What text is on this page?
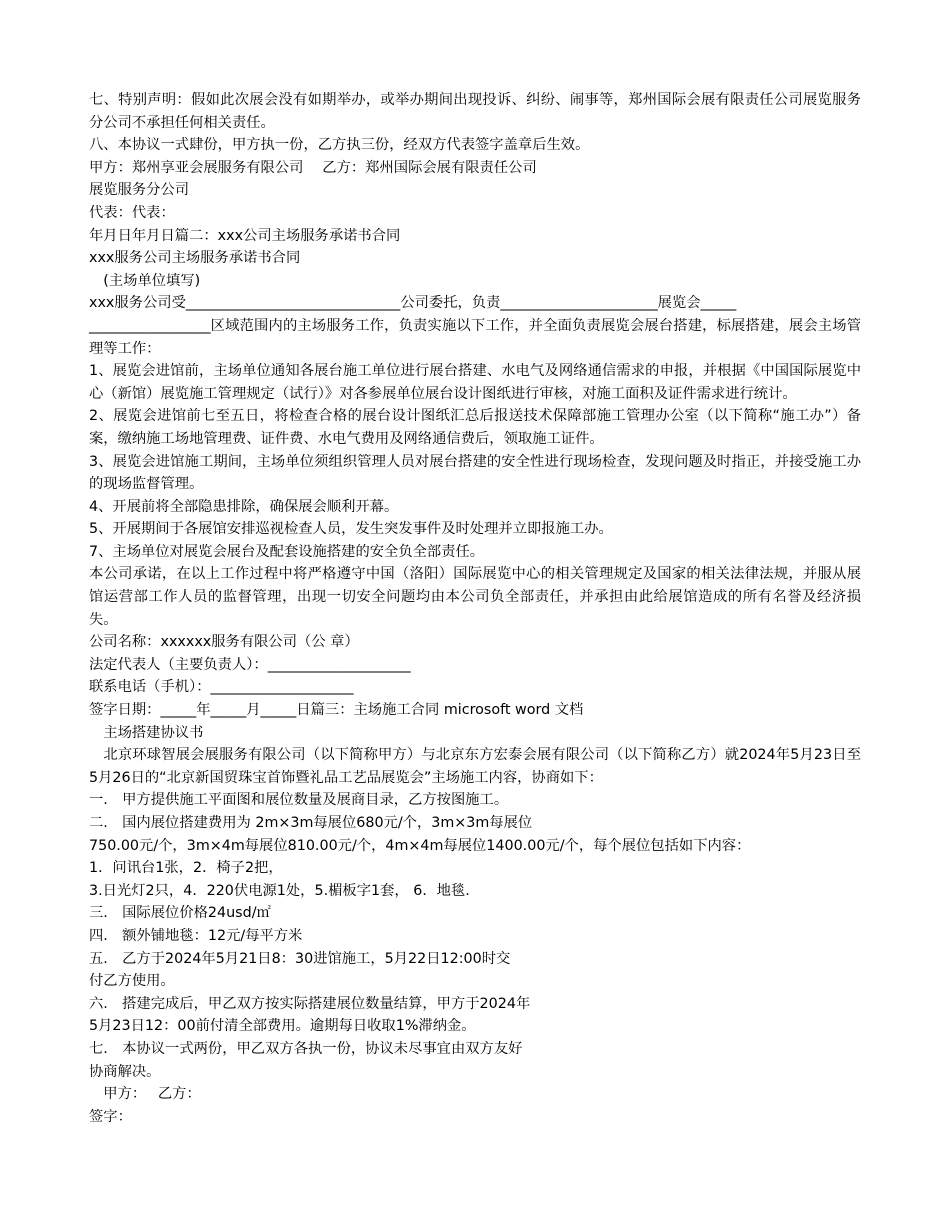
七、特别声明：假如此次展会没有如期举办，或举办期间出现投诉、纠纷、闹事等，郑州国际会展有限责任公司展览服务分公司不承担任何相关责任。

八、本协议一式肆份，甲方执一份，乙方执三份，经双方代表签字盖章后生效。

甲方：郑州享亚会展服务有限公司　 乙方：郑州国际会展有限责任公司

展览服务分公司

代表：代表：

年月日年月日篇二：xxx公司主场服务承诺书合同

xxx服务公司主场服务承诺书合同

　(主场单位填写)

xxx服务公司受______________________________公司委托，负责______________________展览会_____

_________________区域范围内的主场服务工作，负责实施以下工作，并全面负责展览会展台搭建，标展搭建，展会主场管理等工作：

1、展览会进馆前，主场单位通知各展台施工单位进行展台搭建、水电气及网络通信需求的申报，并根据《中国国际展览中心（新馆）展览施工管理规定（试行）》对各参展单位展台设计图纸进行审核，对施工面积及证件需求进行统计。

2、展览会进馆前七至五日，将检查合格的展台设计图纸汇总后报送技术保障部施工管理办公室（以下简称“施工办”）备案，缴纳施工场地管理费、证件费、水电气费用及网络通信费后，领取施工证件。

3、展览会进馆施工期间，主场单位须组织管理人员对展台搭建的安全性进行现场检查，发现问题及时指正，并接受施工办的现场监督管理。

4、开展前将全部隐患排除，确保展会顺利开幕。

5、开展期间于各展馆安排巡视检查人员，发生突发事件及时处理并立即报施工办。

7、主场单位对展览会展台及配套设施搭建的安全负全部责任。

本公司承诺，在以上工作过程中将严格遵守中国（洛阳）国际展览中心的相关管理规定及国家的相关法律法规，并服从展馆运营部工作人员的监督管理，出现一切安全问题均由本公司负全部责任，并承担由此给展馆造成的所有名誉及经济损失。

公司名称：xxxxxx服务有限公司（公 章）

法定代表人（主要负责人）：____________________

联系电话（手机）：____________________

签字日期：_____年_____月_____日篇三：主场施工合同 microsoft word 文档

　主场搭建协议书

　北京环球智展会展服务有限公司（以下简称甲方）与北京东方宏泰会展有限公司（以下简称乙方）就2024年5月23日至5月26日的“北京新国贸珠宝首饰暨礼品工艺品展览会”主场施工内容，协商如下：

一.　甲方提供施工平面图和展位数量及展商目录，乙方按图施工。

二.　国内展位搭建费用为 2m×3m每展位680元/个，3m×3m每展位

750.00元/个，3m×4m每展位810.00元/个，4m×4m每展位1400.00元/个，每个展位包括如下内容：

1．问讯台1张，2．椅子2把，

3.日光灯2只，4．220伏电源1处，5.楣板字1套， 6．地毯.

三.　国际展位价格24usd/㎡

四.　额外铺地毯：12元/每平方米

五.　乙方于2024年5月21日8：30进馆施工，5月22日12:00时交

付乙方使用。

六.　搭建完成后，甲乙双方按实际搭建展位数量结算，甲方于2024年

5月23日12：00前付清全部费用。逾期每日收取1%滞纳金。

七.　本协议一式两份，甲乙双方各执一份，协议未尽事宜由双方友好

协商解决。

　甲方：　 乙方：

签字：
